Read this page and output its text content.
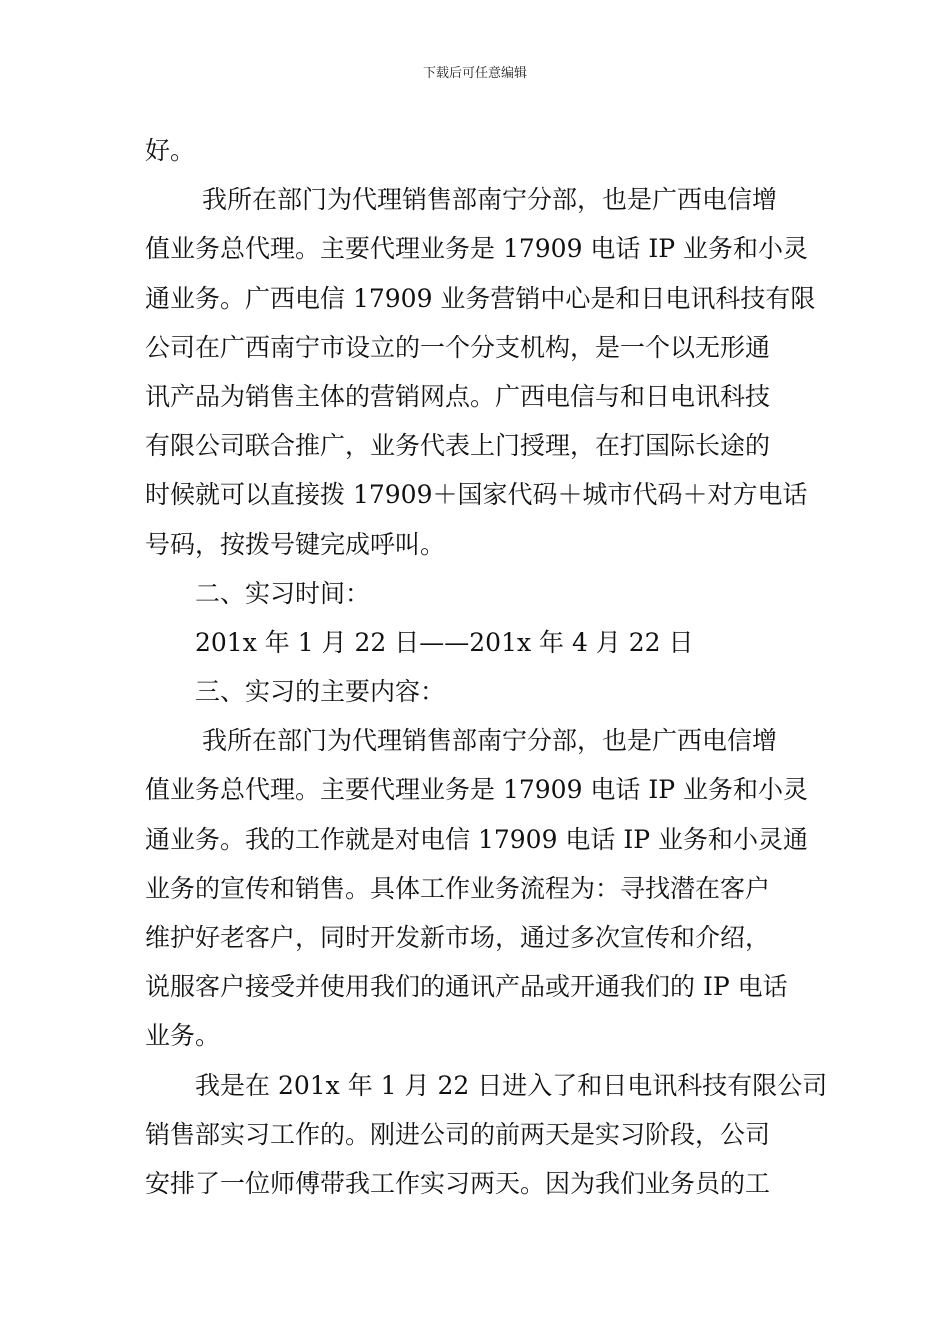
下载后可任意编辑
好。
我所在部门为代理销售部南宁分部，也是广西电信增
值业务总代理。主要代理业务是 17909 电话 IP 业务和小灵
通业务。广西电信 17909 业务营销中心是和日电讯科技有限
公司在广西南宁市设立的一个分支机构，是一个以无形通
讯产品为销售主体的营销网点。广西电信与和日电讯科技
有限公司联合推广，业务代表上门授理，在打国际长途的
时候就可以直接拨 17909＋国家代码＋城市代码＋对方电话
号码，按拨号键完成呼叫。
二、实习时间：
201x 年 1 月 22 日——201x 年 4 月 22 日
三、实习的主要内容：
我所在部门为代理销售部南宁分部，也是广西电信增
值业务总代理。主要代理业务是 17909 电话 IP 业务和小灵
通业务。我的工作就是对电信 17909 电话 IP 业务和小灵通
业务的宣传和销售。具体工作业务流程为：寻找潜在客户
维护好老客户，同时开发新市场，通过多次宣传和介绍，
说服客户接受并使用我们的通讯产品或开通我们的 IP 电话
业务。
我是在 201x 年 1 月 22 日进入了和日电讯科技有限公司
销售部实习工作的。刚进公司的前两天是实习阶段，公司
安排了一位师傅带我工作实习两天。因为我们业务员的工
